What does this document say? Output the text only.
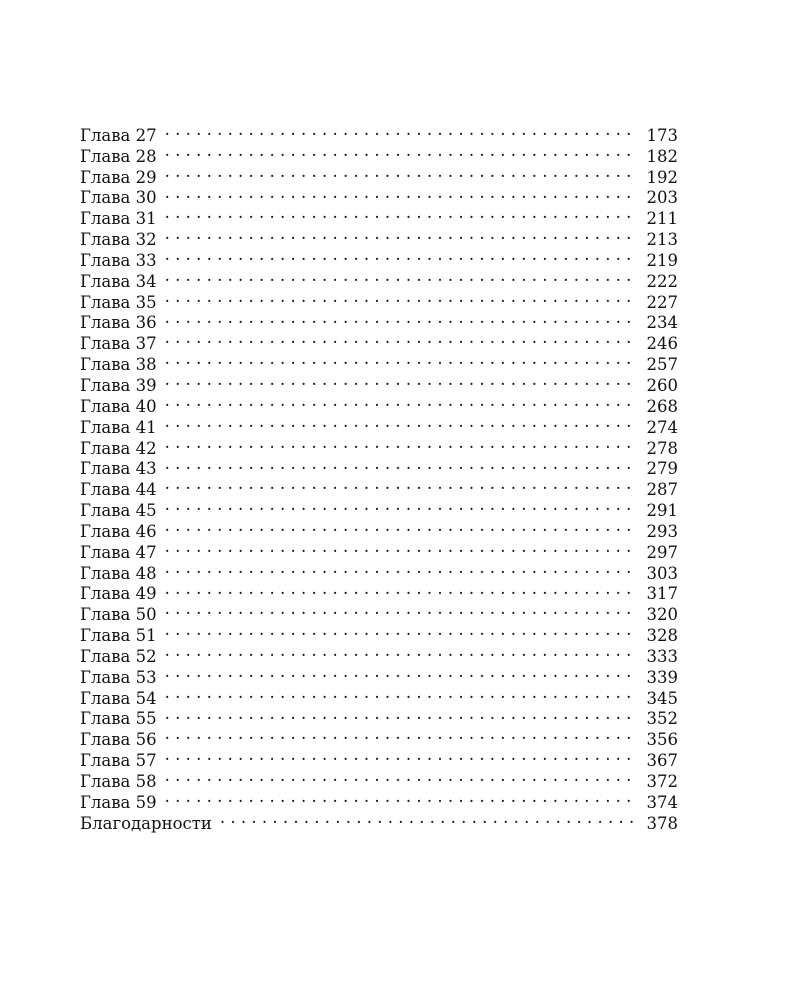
Глава 27 . . .	173
Глава 28 . . .	182
Глава 29 . . .	192
Глава 30 . . .	203
Глава 31 . . .	211
Глава 32 . . .	213
Глава 33 . . .	219
Глава 34 . . .	222
Глава 35 . . .	227
Глава 36 . . .	234
Глава 37 . . .	246
Глава 38 . . .	257
Глава 39 . . .	260
Глава 40 . . .	268
Глава 41 . . .	274
Глава 42 . . .	278
Глава 43 . . .	279
Глава 44 . . .	287
Глава 45 . . .	291
Глава 46 . . .	293
Глава 47 . . .	297
Глава 48 . . .	303
Глава 49 . . .	317
Глава 50 . . .	320
Глава 51 . . .	328
Глава 52 . . .	333
Глава 53 . . .	339
Глава 54 . . .	345
Глава 55 . . .	352
Глава 56 . . .	356
Глава 57 . . .	367
Глава 58 . . .	372
Глава 59 . . .	374
Благодарности . . .	378
